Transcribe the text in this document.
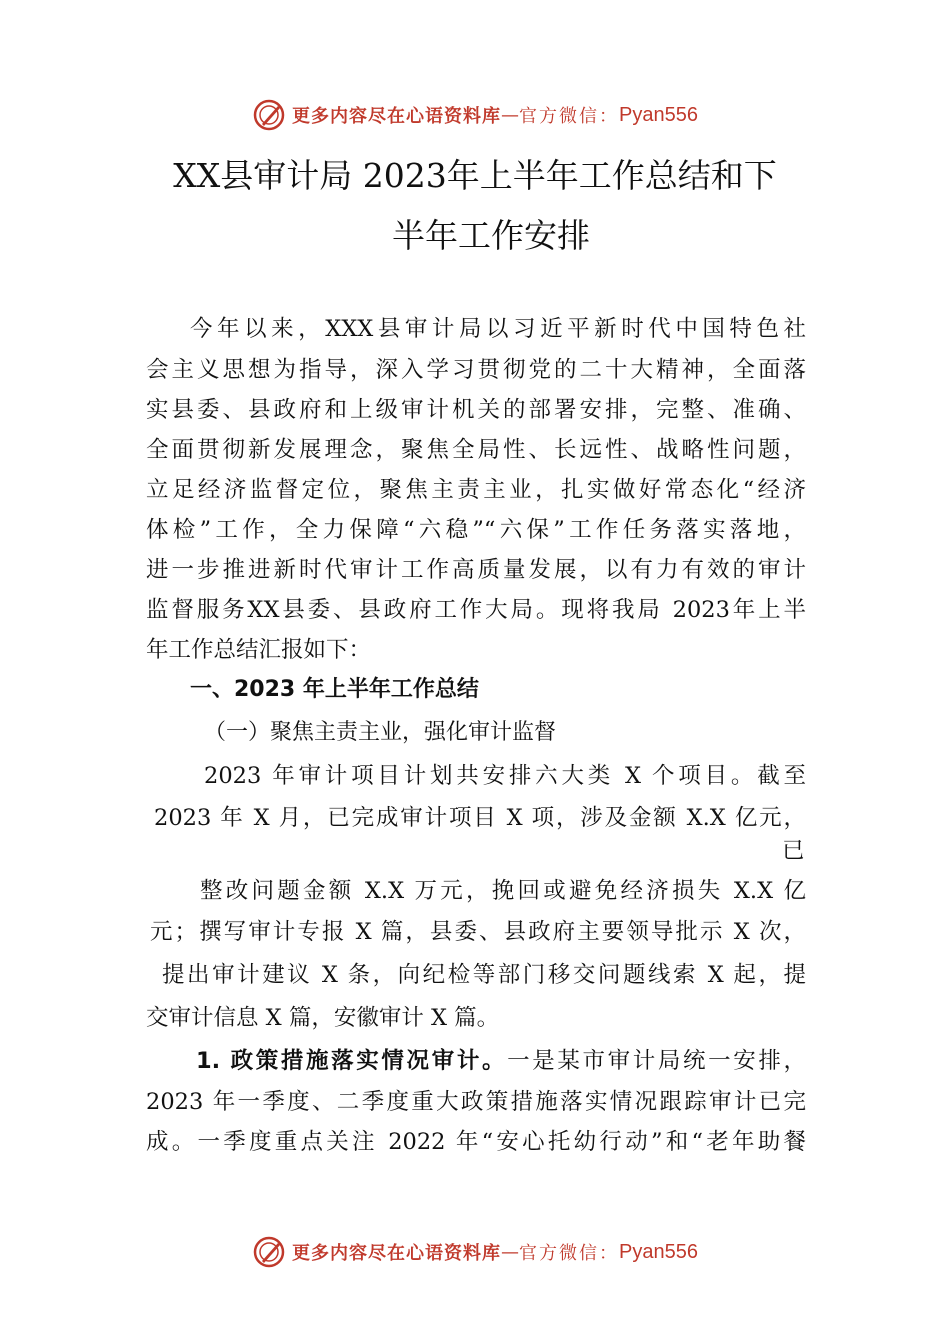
更多内容尽在心语资料库 — 官方微信： Pyan556
XX县审计局 2023年上半年工作总结和下
半年工作安排
今年以来，XXX县审计局以习近平新时代中国特色社
会主义思想为指导，深入学习贯彻党的二十大精神，全面落
实县委、县政府和上级审计机关的部署安排，完整、准确、
全面贯彻新发展理念，聚焦全局性、长远性、战略性问题，
立足经济监督定位，聚焦主责主业，扎实做好常态化“经济
体检”工作，全力保障“六稳”“六保”工作任务落实落地，
进一步推进新时代审计工作高质量发展，以有力有效的审计
监督服务XX县委、县政府工作大局。现将我局 2023年上半
年工作总结汇报如下：
一、2023 年上半年工作总结
（一）聚焦主责主业，强化审计监督
2023 年审计项目计划共安排六大类 X 个项目。截至
2023 年 X 月，已完成审计项目 X 项，涉及金额 X.X 亿元，
已
整改问题金额 X.X 万元，挽回或避免经济损失 X.X 亿
元；撰写审计专报 X 篇，县委、县政府主要领导批示 X 次，
提出审计建议 X 条，向纪检等部门移交问题线索 X 起，提
交审计信息 X 篇，安徽审计 X 篇。
1. 政策措施落实情况审计。一是某市审计局统一安排，
2023 年一季度、二季度重大政策措施落实情况跟踪审计已完
成。一季度重点关注 2022 年“安心托幼行动”和“老年助餐
更多内容尽在心语资料库 — 官方微信： Pyan556
